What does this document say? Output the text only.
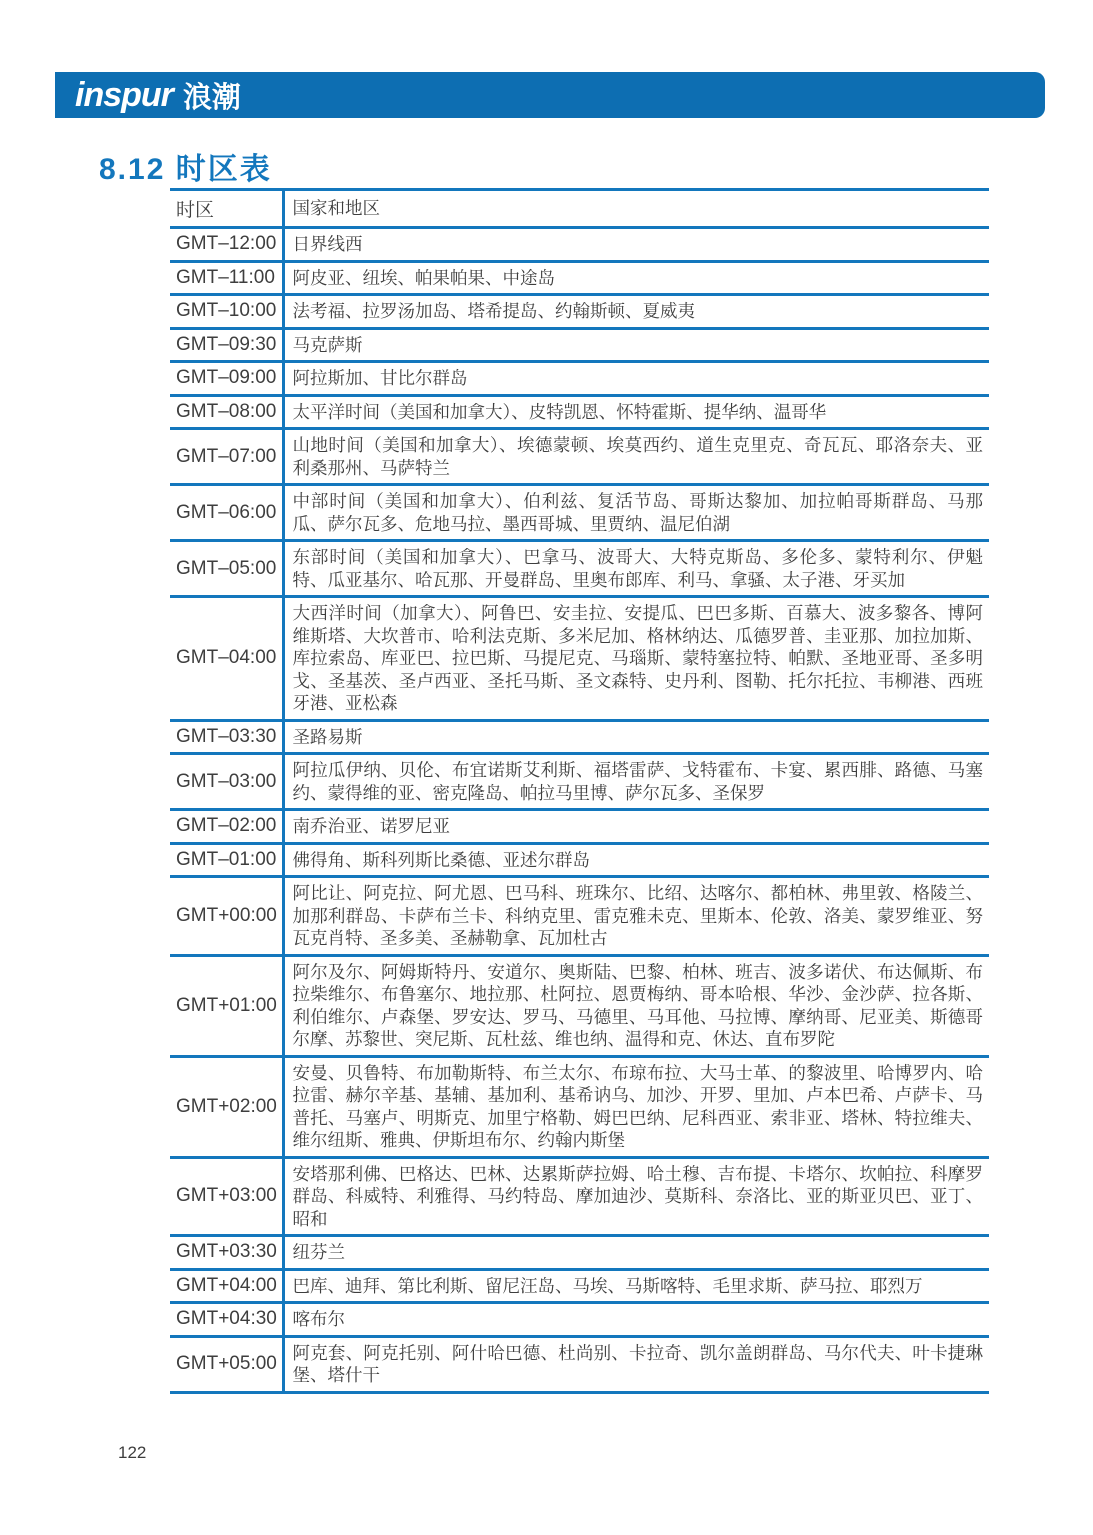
inspur 浪潮
8.12 时区表
时区	国家和地区
GMT–12:00	日界线西
GMT–11:00	阿皮亚、纽埃、帕果帕果、中途岛
GMT–10:00	法考福、拉罗汤加岛、塔希提岛、约翰斯顿、夏威夷
GMT–09:30	马克萨斯
GMT–09:00	阿拉斯加、甘比尔群岛
GMT–08:00	太平洋时间（美国和加拿大）、皮特凯恩、怀特霍斯、提华纳、温哥华
GMT–07:00	山地时间（美国和加拿大）、埃德蒙顿、埃莫西约、道生克里克、奇瓦瓦、耶洛奈夫、亚利桑那州、马萨特兰
GMT–06:00	中部时间（美国和加拿大）、伯利兹、复活节岛、哥斯达黎加、加拉帕哥斯群岛、马那瓜、萨尔瓦多、危地马拉、墨西哥城、里贾纳、温尼伯湖
GMT–05:00	东部时间（美国和加拿大）、巴拿马、波哥大、大特克斯岛、多伦多、蒙特利尔、伊魁特、瓜亚基尔、哈瓦那、开曼群岛、里奥布郎库、利马、拿骚、太子港、牙买加
GMT–04:00	大西洋时间（加拿大）、阿鲁巴、安圭拉、安提瓜、巴巴多斯、百慕大、波多黎各、博阿维斯塔、大坎普市、哈利法克斯、多米尼加、格林纳达、瓜德罗普、圭亚那、加拉加斯、库拉索岛、库亚巴、拉巴斯、马提尼克、马瑙斯、蒙特塞拉特、帕默、圣地亚哥、圣多明戈、圣基茨、圣卢西亚、圣托马斯、圣文森特、史丹利、图勒、托尔托拉、韦柳港、西班牙港、亚松森
GMT–03:30	圣路易斯
GMT–03:00	阿拉瓜伊纳、贝伦、布宜诺斯艾利斯、福塔雷萨、戈特霍布、卡宴、累西腓、路德、马塞约、蒙得维的亚、密克隆岛、帕拉马里博、萨尔瓦多、圣保罗
GMT–02:00	南乔治亚、诺罗尼亚
GMT–01:00	佛得角、斯科列斯比桑德、亚述尔群岛
GMT+00:00	阿比让、阿克拉、阿尤恩、巴马科、班珠尔、比绍、达喀尔、都柏林、弗里敦、格陵兰、加那利群岛、卡萨布兰卡、科纳克里、雷克雅未克、里斯本、伦敦、洛美、蒙罗维亚、努瓦克肖特、圣多美、圣赫勒拿、瓦加杜古
GMT+01:00	阿尔及尔、阿姆斯特丹、安道尔、奥斯陆、巴黎、柏林、班吉、波多诺伏、布达佩斯、布拉柴维尔、布鲁塞尔、地拉那、杜阿拉、恩贾梅纳、哥本哈根、华沙、金沙萨、拉各斯、利伯维尔、卢森堡、罗安达、罗马、马德里、马耳他、马拉博、摩纳哥、尼亚美、斯德哥尔摩、苏黎世、突尼斯、瓦杜兹、维也纳、温得和克、休达、直布罗陀
GMT+02:00	安曼、贝鲁特、布加勒斯特、布兰太尔、布琼布拉、大马士革、的黎波里、哈博罗内、哈拉雷、赫尔辛基、基辅、基加利、基希讷乌、加沙、开罗、里加、卢本巴希、卢萨卡、马普托、马塞卢、明斯克、加里宁格勒、姆巴巴纳、尼科西亚、索非亚、塔林、特拉维夫、维尔纽斯、雅典、伊斯坦布尔、约翰内斯堡
GMT+03:00	安塔那利佛、巴格达、巴林、达累斯萨拉姆、哈土穆、吉布提、卡塔尔、坎帕拉、科摩罗群岛、科威特、利雅得、马约特岛、摩加迪沙、莫斯科、奈洛比、亚的斯亚贝巴、亚丁、昭和
GMT+03:30	纽芬兰
GMT+04:00	巴库、迪拜、第比利斯、留尼汪岛、马埃、马斯喀特、毛里求斯、萨马拉、耶烈万
GMT+04:30	喀布尔
GMT+05:00	阿克套、阿克托别、阿什哈巴德、杜尚别、卡拉奇、凯尔盖朗群岛、马尔代夫、叶卡捷琳堡、塔什干
122
